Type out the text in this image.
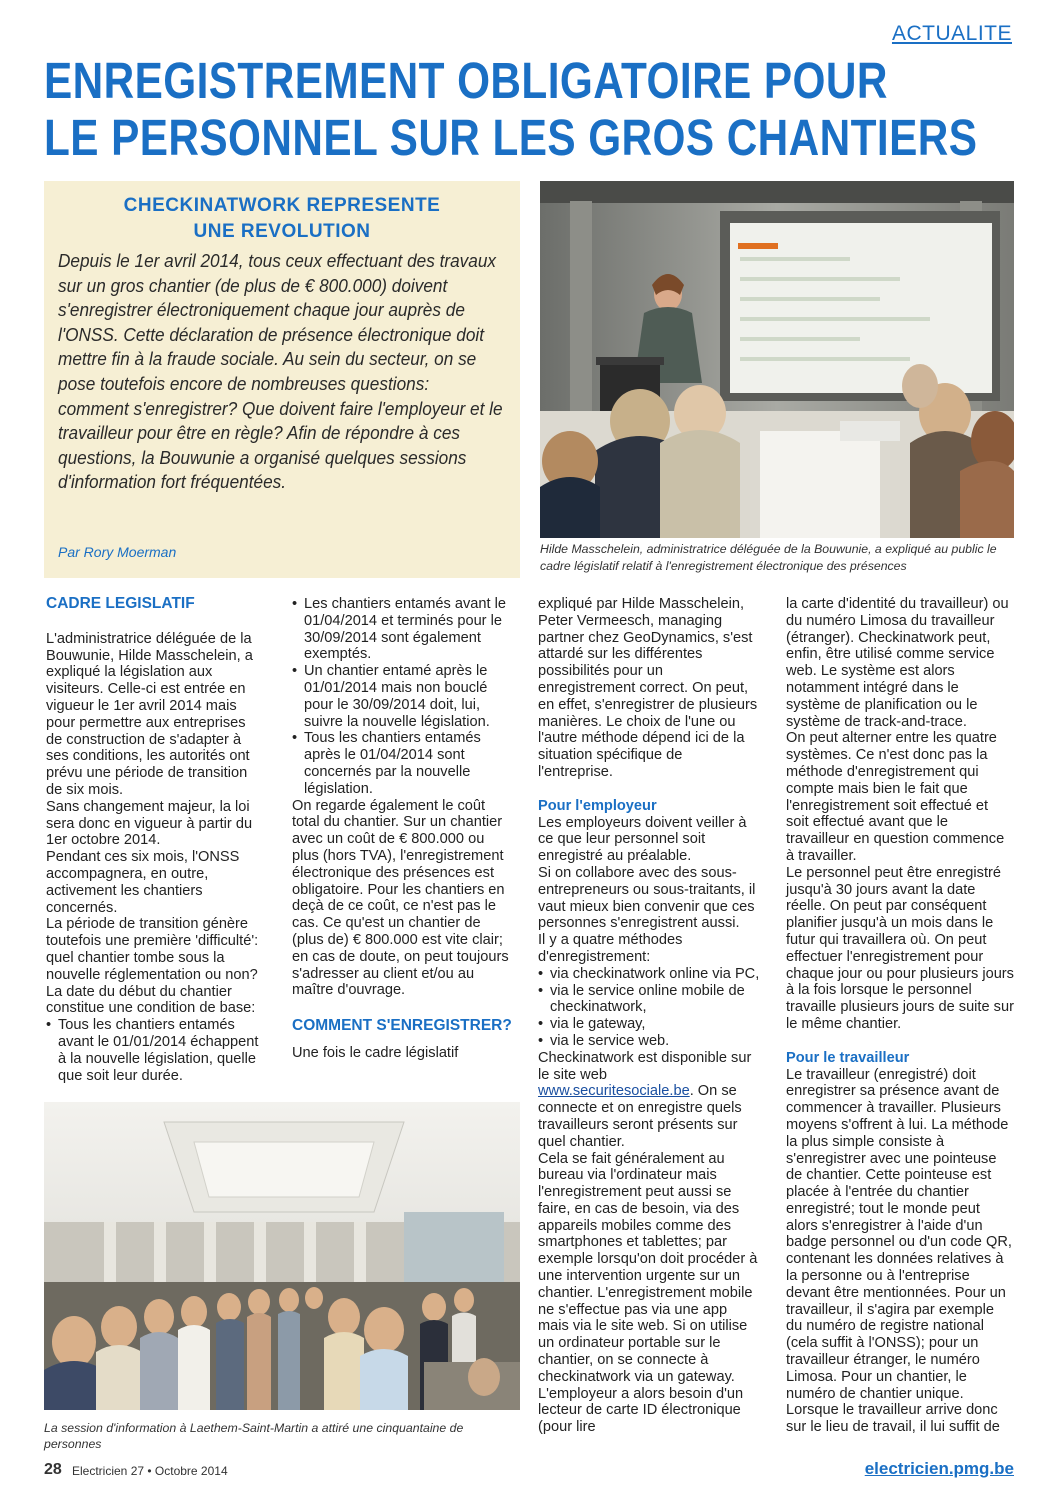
ACTUALITE
ENREGISTREMENT OBLIGATOIRE POUR
LE PERSONNEL SUR LES GROS CHANTIERS
CHECKINATWORK REPRESENTE
UNE REVOLUTION

Depuis le 1er avril 2014, tous ceux effectuant des travaux sur un gros chantier (de plus de € 800.000) doivent s'enregistrer électroniquement chaque jour auprès de l'ONSS. Cette déclaration de présence électronique doit mettre fin à la fraude sociale. Au sein du secteur, on se pose toutefois encore de nombreuses questions: comment s'enregistrer? Que doivent faire l'employeur et le travailleur pour être en règle? Afin de répondre à ces questions, la Bouwunie a organisé quelques sessions d'information fort fréquentées.

Par Rory Moerman	Hilde Masschelein, administratrice déléguée de la Bouwunie, a expliqué au public le cadre législatif relatif à l'enregistrement électronique des présences

CADRE LEGISLATIF

L'administratrice déléguée de la Bouwunie, Hilde Masschelein, a expliqué la législation aux visiteurs. Celle-ci est entrée en vigueur le 1er avril 2014 mais pour permettre aux entreprises de construction de s'adapter à ses conditions, les autorités ont prévu une période de transition de six mois.

Sans changement majeur, la loi sera donc en vigueur à partir du 1er octobre 2014.

Pendant ces six mois, l'ONSS accompagnera, en outre, activement les chantiers concernés.

La période de transition génère toutefois une première 'difficulté': quel chantier tombe sous la nouvelle réglementation ou non? La date du début du chantier constitue une condition de base:

• Tous les chantiers entamés avant le 01/01/2014 échappent à la nouvelle législation, quelle que soit leur durée.
• Les chantiers entamés avant le 01/04/2014 et terminés pour le 30/09/2014 sont également exemptés.
• Un chantier entamé après le 01/01/2014 mais non bouclé pour le 30/09/2014 doit, lui, suivre la nouvelle législation.
• Tous les chantiers entamés après le 01/04/2014 sont concernés par la nouvelle législation.

On regarde également le coût total du chantier. Sur un chantier avec un coût de € 800.000 ou plus (hors TVA), l'enregistrement électronique des présences est obligatoire. Pour les chantiers en deçà de ce coût, ce n'est pas le cas. Ce qu'est un chantier de (plus de) € 800.000 est vite clair; en cas de doute, on peut toujours s'adresser au client et/ou au maître d'ouvrage.

COMMENT S'ENREGISTRER?

Une fois le cadre législatif

La session d'information à Laethem-Saint-Martin a attiré une cinquantaine de personnes

expliqué par Hilde Masschelein, Peter Vermeesch, managing partner chez GeoDynamics, s'est attardé sur les différentes possibilités pour un enregistrement correct. On peut, en effet, s'enregistrer de plusieurs manières. Le choix de l'une ou l'autre méthode dépend ici de la situation spécifique de l'entreprise.

Pour l'employeur

Les employeurs doivent veiller à ce que leur personnel soit enregistré au préalable.

Si on collabore avec des sous-entrepreneurs ou sous-traitants, il vaut mieux bien convenir que ces personnes s'enregistrent aussi.

Il y a quatre méthodes d'enregistrement:

• via checkinatwork online via PC,
• via le service online mobile de checkinatwork,
• via le gateway,
• via le service web.

Checkinatwork est disponible sur le site web www.securitesociale.be. On se connecte et on enregistre quels travailleurs seront présents sur quel chantier.

Cela se fait généralement au bureau via l'ordinateur mais l'enregistrement peut aussi se faire, en cas de besoin, via des appareils mobiles comme des smartphones et tablettes; par exemple lorsqu'on doit procéder à une intervention urgente sur un chantier. L'enregistrement mobile ne s'effectue pas via une app mais via le site web. Si on utilise un ordinateur portable sur le chantier, on se connecte à checkinatwork via un gateway. L'employeur a alors besoin d'un lecteur de carte ID électronique (pour lire

la carte d'identité du travailleur) ou du numéro Limosa du travailleur (étranger). Checkinatwork peut, enfin, être utilisé comme service web. Le système est alors notamment intégré dans le système de planification ou le système de track-and-trace.

On peut alterner entre les quatre systèmes. Ce n'est donc pas la méthode d'enregistrement qui compte mais bien le fait que l'enregistrement soit effectué et soit effectué avant que le travailleur en question commence à travailler.

Le personnel peut être enregistré jusqu'à 30 jours avant la date réelle. On peut par conséquent planifier jusqu'à un mois dans le futur qui travaillera où. On peut effectuer l'enregistrement pour chaque jour ou pour plusieurs jours à la fois lorsque le personnel travaille plusieurs jours de suite sur le même chantier.

Pour le travailleur

Le travailleur (enregistré) doit enregistrer sa présence avant de commencer à travailler. Plusieurs moyens s'offrent à lui. La méthode la plus simple consiste à s'enregistrer avec une pointeuse de chantier. Cette pointeuse est placée à l'entrée du chantier enregistré; tout le monde peut alors s'enregistrer à l'aide d'un badge personnel ou d'un code QR, contenant les données relatives à la personne ou à l'entreprise devant être mentionnées. Pour un travailleur, il s'agira par exemple du numéro de registre national (cela suffit à l'ONSS); pour un travailleur étranger, le numéro Limosa. Pour un chantier, le numéro de chantier unique. Lorsque le travailleur arrive donc sur le lieu de travail, il lui suffit de

28 Electricien 27 • Octobre 2014	electricien.pmg.be
